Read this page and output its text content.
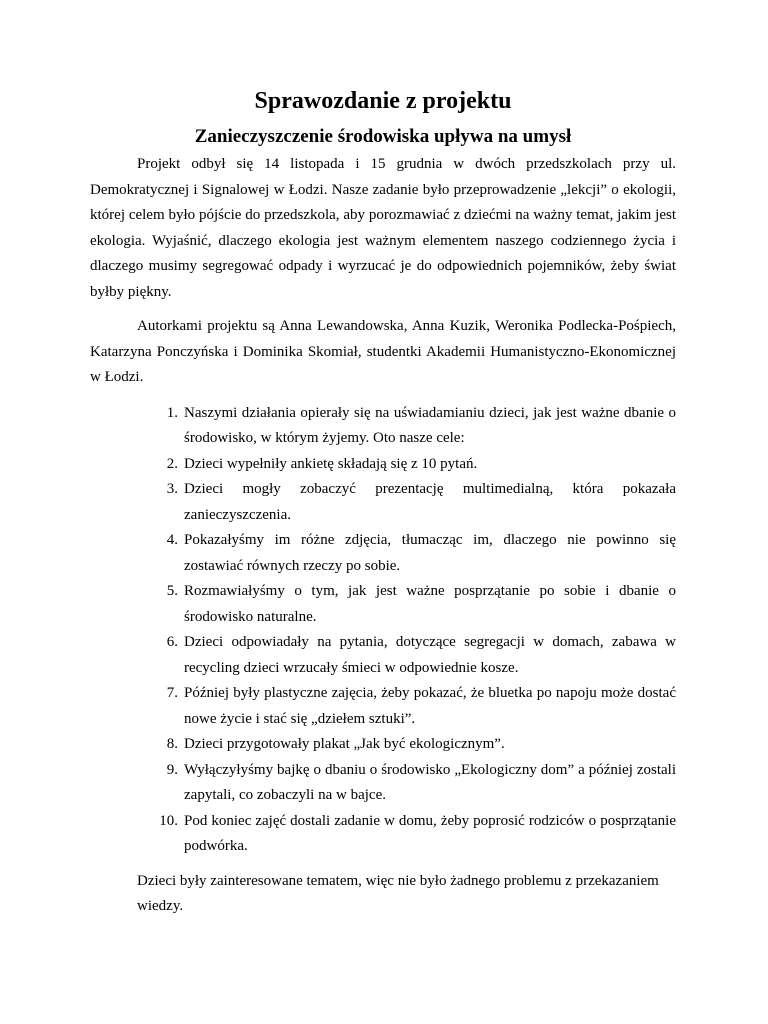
Sprawozdanie z projektu
Zanieczyszczenie środowiska upływa na umysł

Projekt odbył się 14 listopada i 15 grudnia w dwóch przedszkolach przy ul. Demokratycznej i Signalowej w Łodzi. Nasze zadanie było przeprowadzenie „lekcji” o ekologii, której celem było pójście do przedszkola, aby porozmawiać z dziećmi na ważny temat, jakim jest ekologia. Wyjaśnić, dlaczego ekologia jest ważnym elementem naszego codziennego życia i dlaczego musimy segregować odpady i wyrzucać je do odpowiednich pojemników, żeby świat byłby piękny.

Autorkami projektu są Anna Lewandowska, Anna Kuzik, Weronika Podlecka-Pośpiech, Katarzyna Ponczyńska i Dominika Skomiał, studentki Akademii Humanistyczno-Ekonomicznej w Łodzi.

1. Naszymi działania opierały się na uświadamianiu dzieci, jak jest ważne dbanie o środowisko, w którym żyjemy. Oto nasze cele:
2. Dzieci wypełniły ankietę składają się z 10 pytań.
3. Dzieci mogły zobaczyć prezentację multimedialną, która pokazała zanieczyszczenia.
4. Pokazałyśmy im różne zdjęcia, tłumacząc im, dlaczego nie powinno się zostawiać równych rzeczy po sobie.
5. Rozmawiałyśmy o tym, jak jest ważne posprzątanie po sobie i dbanie o środowisko naturalne.
6. Dzieci odpowiadały na pytania, dotyczące segregacji w domach, zabawa w recycling dzieci wrzucały śmieci w odpowiednie kosze.
7. Później były plastyczne zajęcia, żeby pokazać, że bluetka po napoju może dostać nowe życie i stać się „dziełem sztuki”.
8. Dzieci przygotowały plakat „Jak być ekologicznym”.
9. Wyłączyłyśmy bajkę o dbaniu o środowisko „Ekologiczny dom” a później zostali zapytali, co zobaczyli na w bajce.
10. Pod koniec zajęć dostali zadanie w domu, żeby poprosić rodziców o posprzątanie podwórka.

Dzieci były zainteresowane tematem, więc nie było żadnego problemu z przekazaniem wiedzy.
